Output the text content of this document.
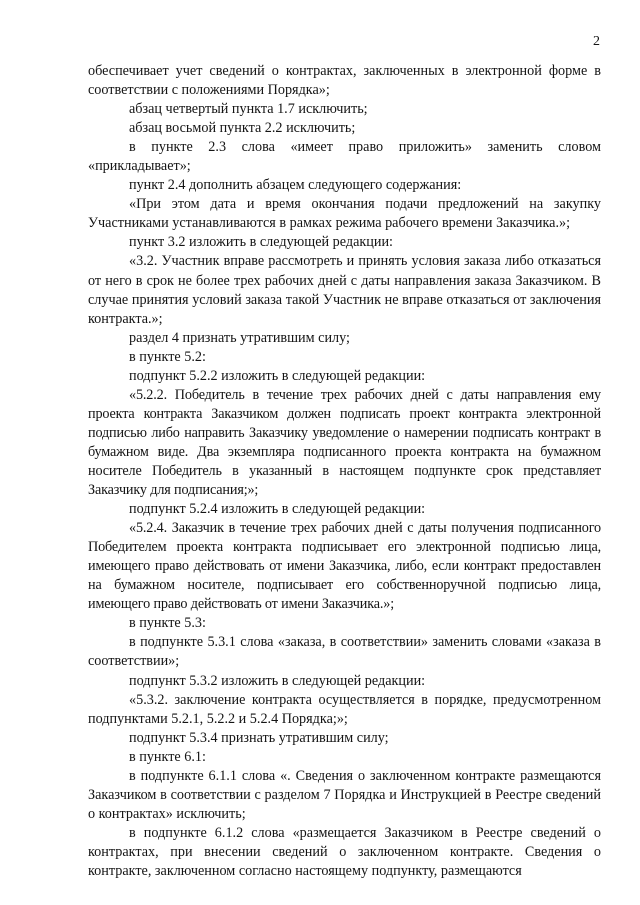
2

обеспечивает учет сведений о контрактах, заключенных в электронной форме в соответствии с положениями Порядка»;

абзац четвертый пункта 1.7 исключить;

абзац восьмой пункта 2.2 исключить;

в пункте 2.3 слова «имеет право приложить» заменить словом «прикладывает»;

пункт 2.4 дополнить абзацем следующего содержания:

«При этом дата и время окончания подачи предложений на закупку Участниками устанавливаются в рамках режима рабочего времени Заказчика.»;

пункт 3.2 изложить в следующей редакции:

«3.2. Участник вправе рассмотреть и принять условия заказа либо отказаться от него в срок не более трех рабочих дней с даты направления заказа Заказчиком. В случае принятия условий заказа такой Участник не вправе отказаться от заключения контракта.»;

раздел 4 признать утратившим силу;

в пункте 5.2:

подпункт 5.2.2 изложить в следующей редакции:

«5.2.2. Победитель в течение трех рабочих дней с даты направления ему проекта контракта Заказчиком должен подписать проект контракта электронной подписью либо направить Заказчику уведомление о намерении подписать контракт в бумажном виде. Два экземпляра подписанного проекта контракта на бумажном носителе Победитель в указанный в настоящем подпункте срок представляет Заказчику для подписания;»;

подпункт 5.2.4 изложить в следующей редакции:

«5.2.4. Заказчик в течение трех рабочих дней с даты получения подписанного Победителем проекта контракта подписывает его электронной подписью лица, имеющего право действовать от имени Заказчика, либо, если контракт предоставлен на бумажном носителе, подписывает его собственноручной подписью лица, имеющего право действовать от имени Заказчика.»;

в пункте 5.3:

в подпункте 5.3.1 слова «заказа, в соответствии» заменить словами «заказа в соответствии»;

подпункт 5.3.2 изложить в следующей редакции:

«5.3.2. заключение контракта осуществляется в порядке, предусмотренном подпунктами 5.2.1, 5.2.2 и 5.2.4 Порядка;»;

подпункт 5.3.4 признать утратившим силу;

в пункте 6.1:

в подпункте 6.1.1 слова «. Сведения о заключенном контракте размещаются Заказчиком в соответствии с разделом 7 Порядка и Инструкцией в Реестре сведений о контрактах» исключить;

в подпункте 6.1.2 слова «размещается Заказчиком в Реестре сведений о контрактах, при внесении сведений о заключенном контракте. Сведения о контракте, заключенном согласно настоящему подпункту, размещаются
